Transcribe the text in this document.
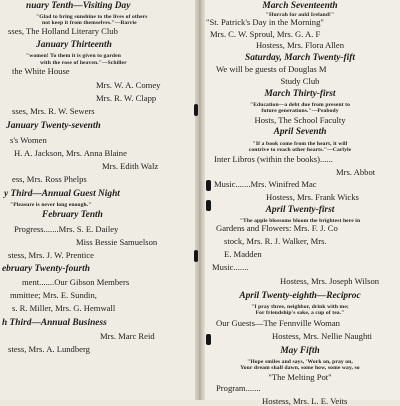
nuary Tenth—Visiting Day
"Glad to bring sunshine to the lives of others
not keep it from themselves."—Barrie
sses, The Holland Literary Club
January Thirteenth
"women! To them it is given to garden
with the rose of heaven."—Schiller
the White House
Mrs. W. A. Comey
Mrs. R. W. Clapp
sses, Mrs. R. W. Sewers
January Twenty-seventh
s's Women
H. A. Jackson, Mrs. Anna Blaine
Mrs. Edith Walz
ess, Mrs. Ross Phelps
y Third—Annual Guest Night
"Pleasure is never long enough."
February Tenth
Progress.......Mrs. S. E. Dailey
Miss Bessie Samuelson
stess, Mrs. J. W. Prentice
ebruary Twenty-fourth
ment.......Our Gibson Members
mmittee; Mrs. E. Sundin,
s. R. Miller, Mrs. G. Hemwall
h Third—Annual Business
Mrs. Marc Reid
stess, Mrs. A. Lundberg
March Seventeenth
"Hurrah for auld Ireland!"
"St. Patrick's Day in the Morning"
Mrs. C. W. Sproul, Mrs. G. A. F
Hostess, Mrs. Flora Allen
Saturday, March Twenty-fift
We will be guests of Douglas M
Study Club
March Thirty-first
"Education—a debt due from present to
future generations."—Peabody
Hosts, The School Faculty
April Seventh
"If a book come from the heart, it will
contrive to reach other hearts."—Carlyle
Inter Libros (within the books)......
Mrs. Abbot
Music.......Mrs. Winifred Mac
Hostess, Mrs. Frank Wicks
April Twenty-first
"The apple blossoms bloom the brightest here in
Gardens and Flowers: Mrs. F. J. Co
stock, Mrs. R. J. Walker, Mrs.
E. Madden
Music.......
Hostess, Mrs. Joseph Wilson
April Twenty-eighth—Reciproc
"I pray three, neighbor, drink with me;
For friendship's sake, a cup of tea."
Our Guests—The Fennville Woman
Hostess, Mrs. Nellie Naughti
May Fifth
"Hope smiles and says, 'Work on, pray on,
Your dream shall dawn, some how, some way, so
"The Melting Pot"
Program.......
Hostess, Mrs. L. E. Veits
